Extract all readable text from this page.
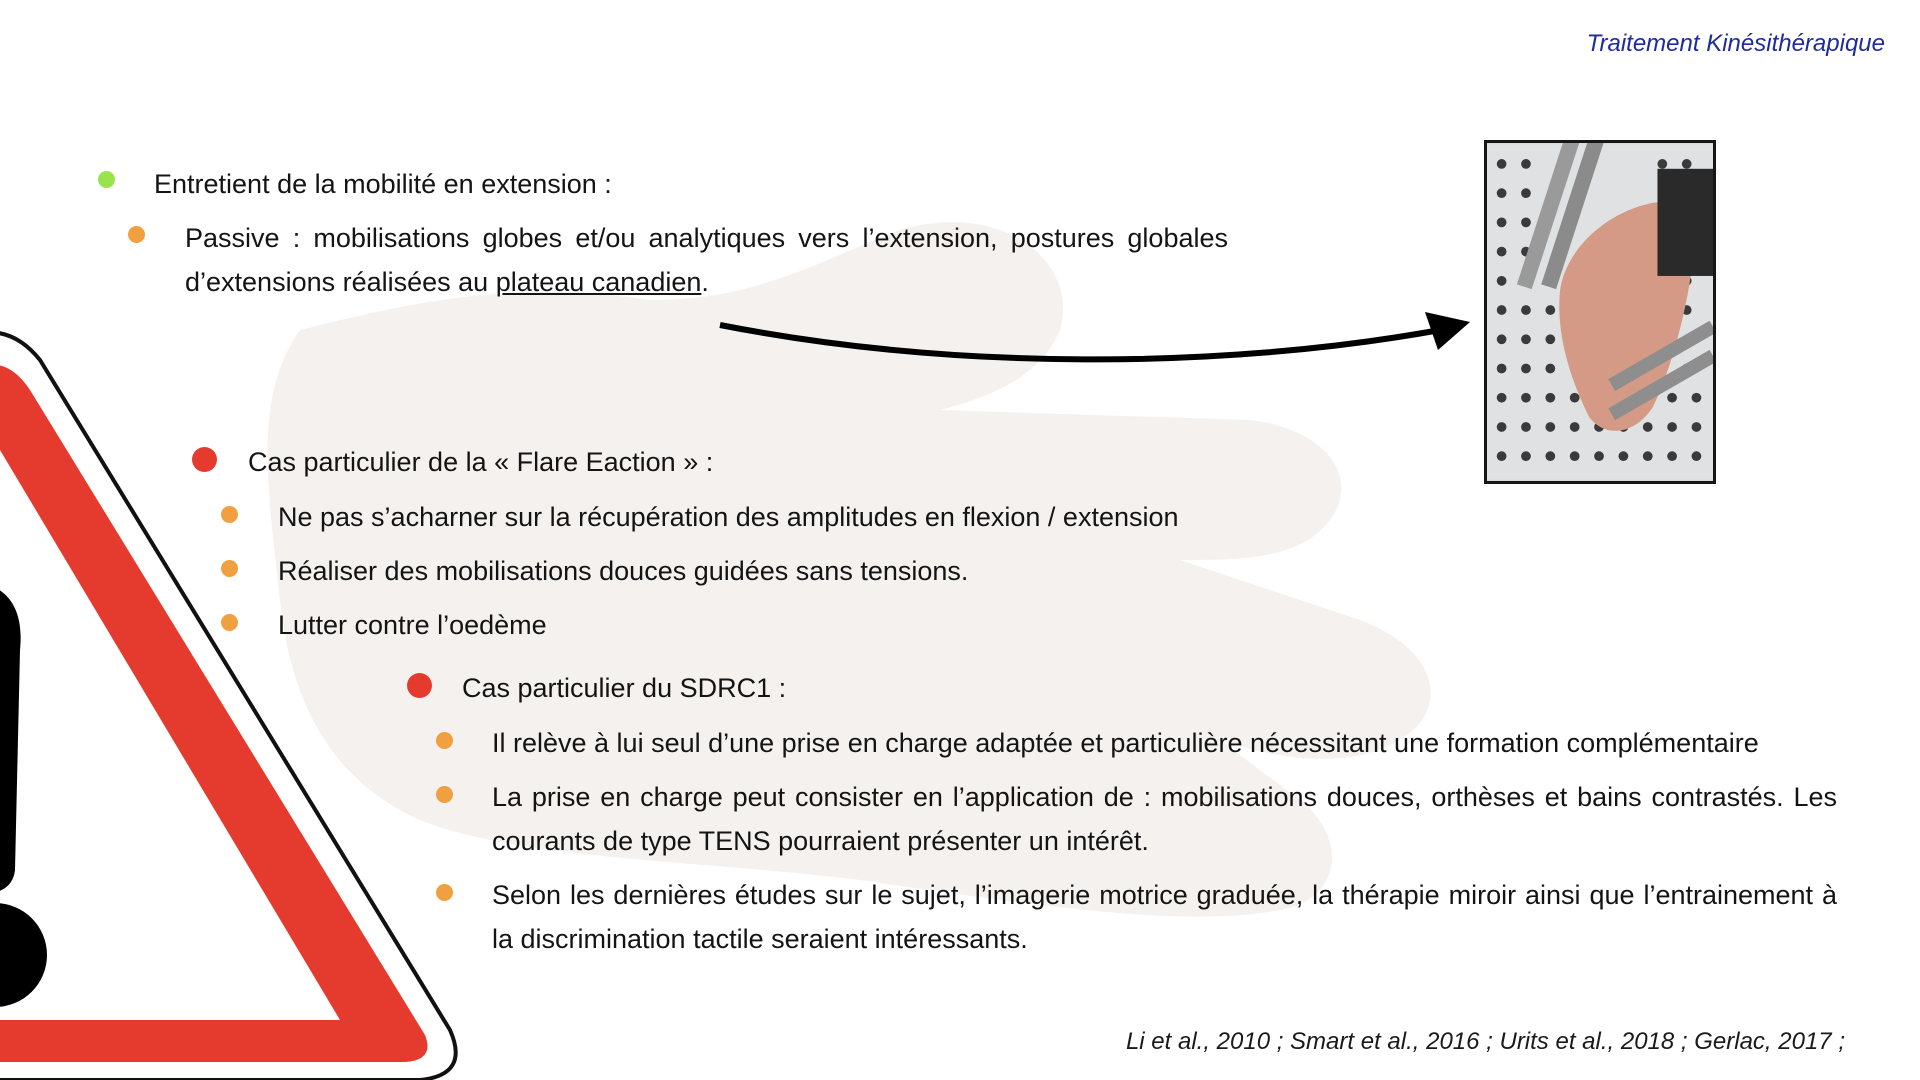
Traitement Kinésithérapique
Entretient de la mobilité en extension :
Passive : mobilisations globes et/ou analytiques vers l’extension, postures globales d’extensions réalisées au plateau canadien.
Cas particulier de la « Flare Eaction » :
Ne pas s’acharner sur la récupération des amplitudes en flexion / extension
Réaliser des mobilisations douces guidées sans tensions.
Lutter contre l’oedème
Cas particulier du SDRC1 :
Il relève à lui seul d’une prise en charge adaptée et particulière nécessitant une formation complémentaire
La prise en charge peut consister en l’application de : mobilisations douces, orthèses et bains contrastés. Les courants de type TENS pourraient présenter un intérêt.
Selon les dernières études sur le sujet, l’imagerie motrice graduée, la thérapie miroir ainsi que l’entrainement à la discrimination tactile seraient intéressants.
Li et al., 2010 ; Smart et al., 2016 ; Urits et al., 2018 ; Gerlac, 2017 ;
